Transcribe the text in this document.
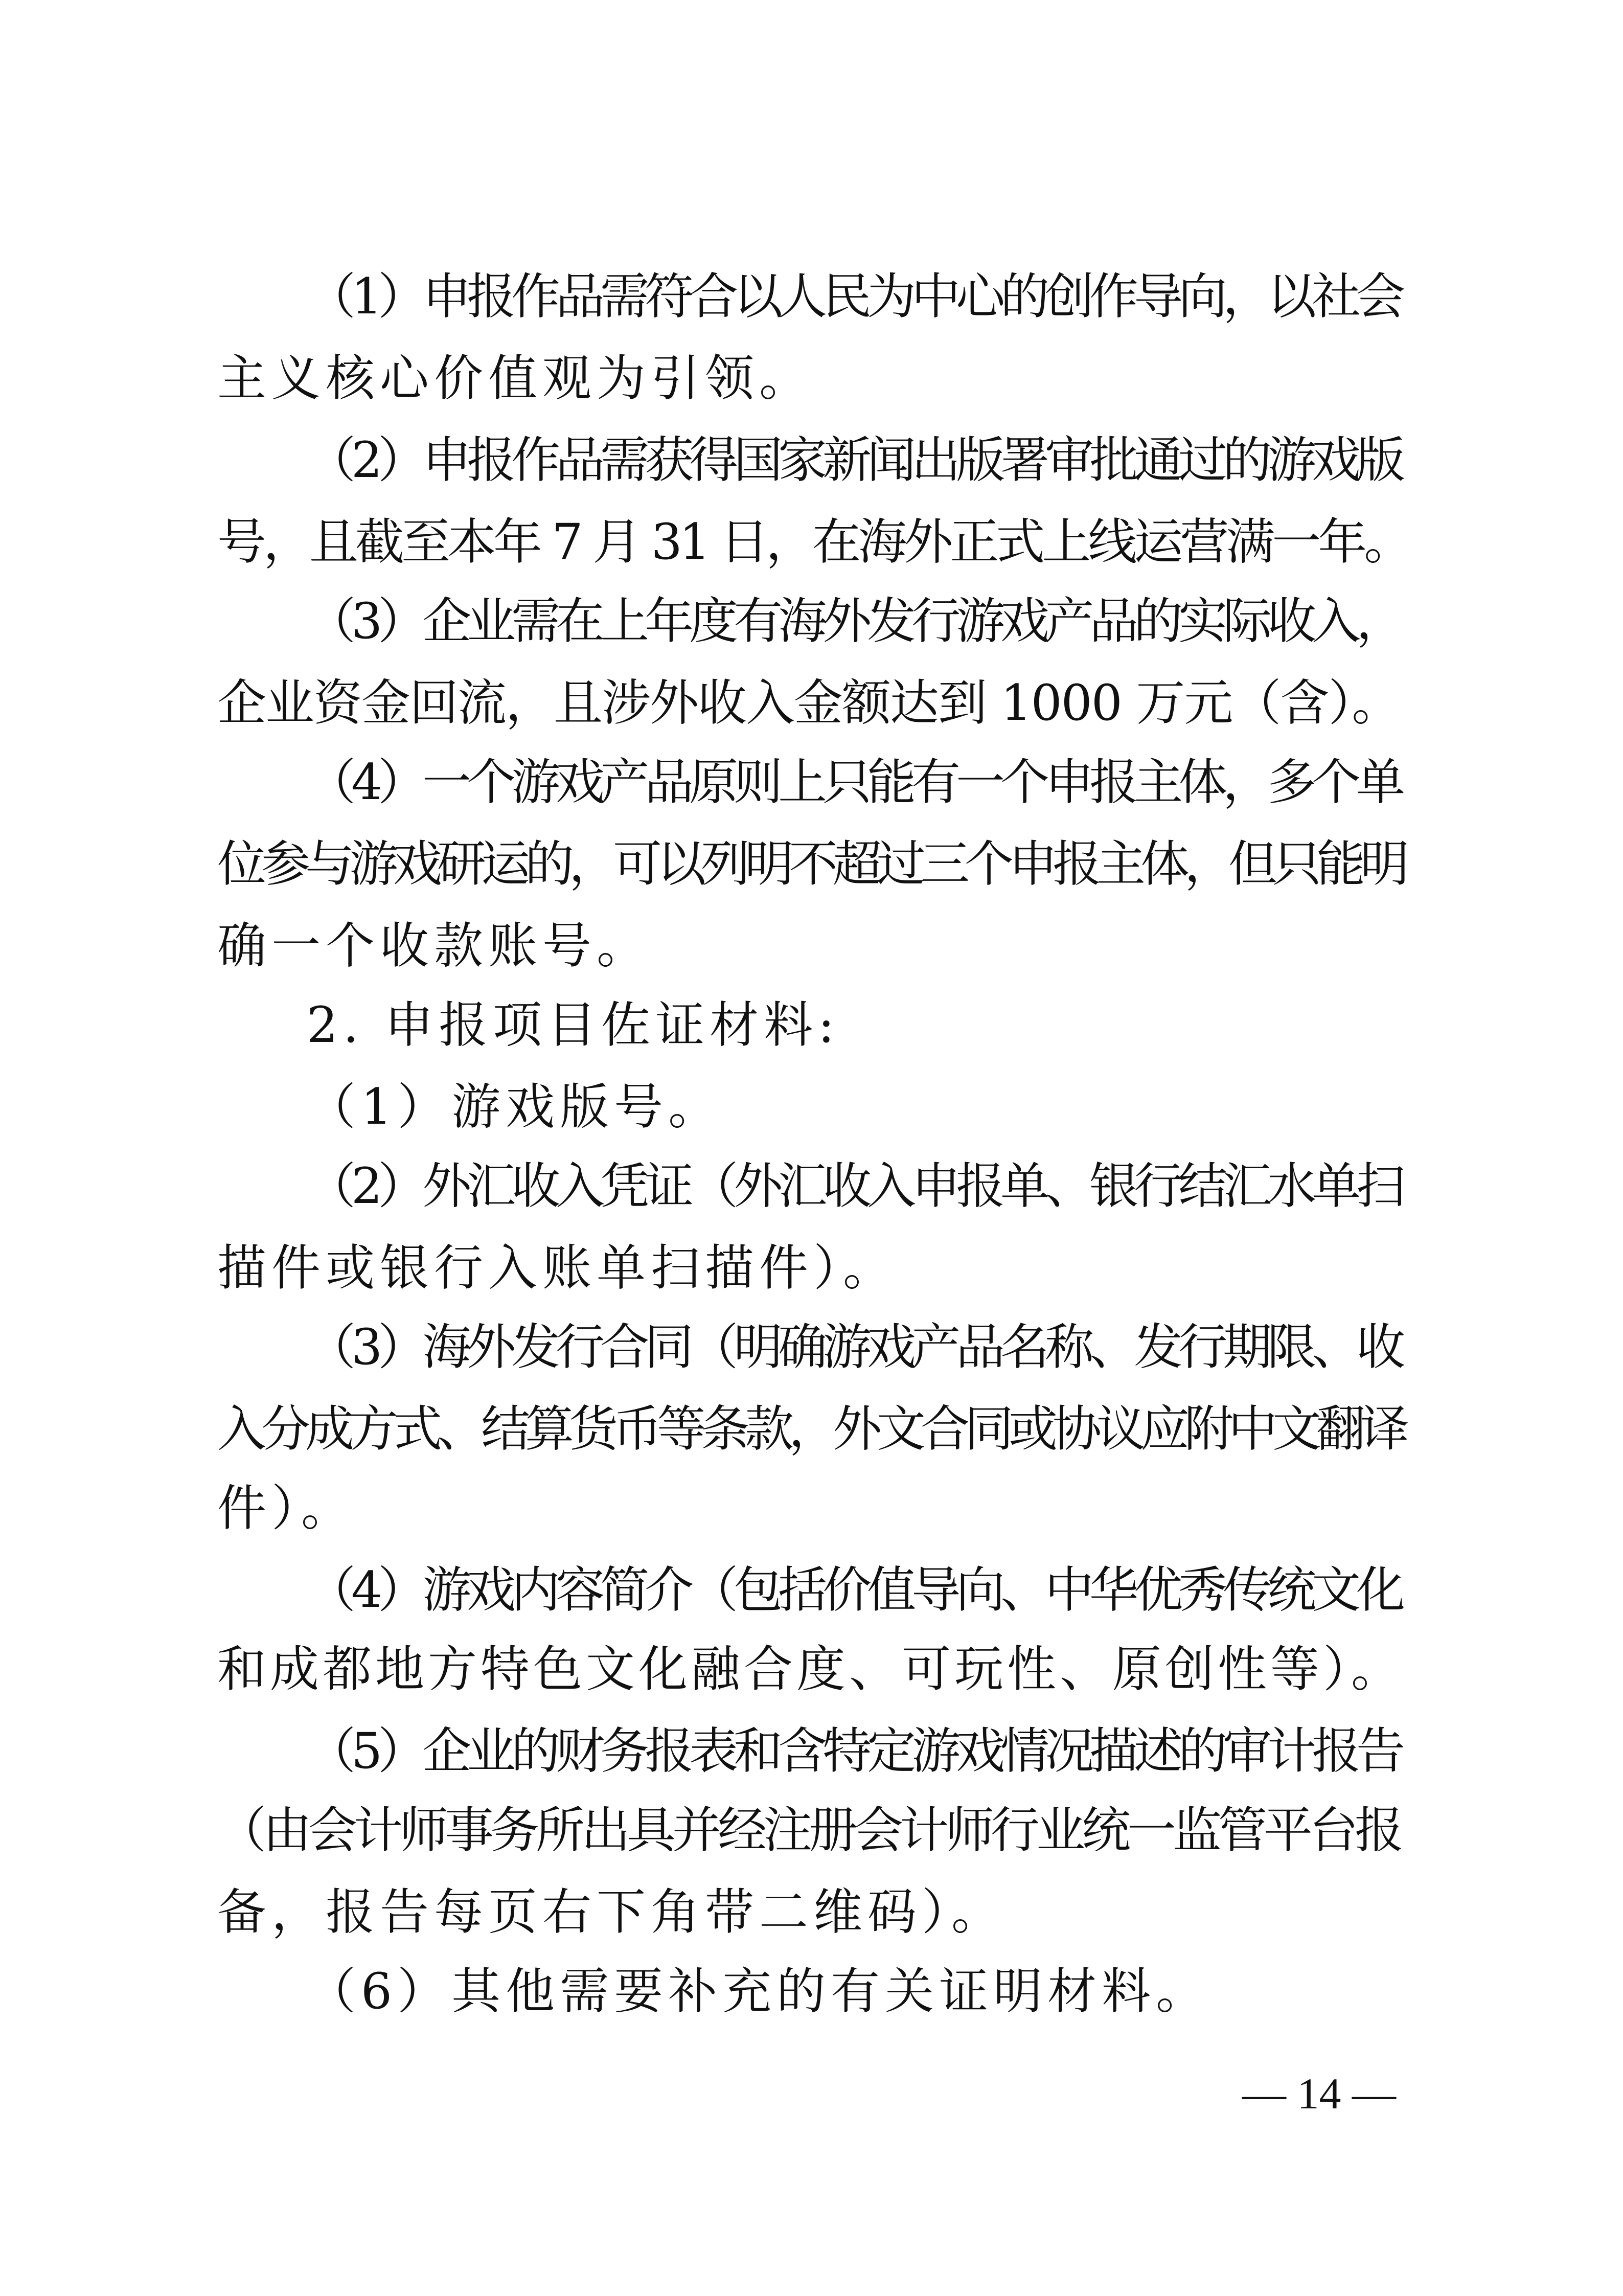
（1）申报作品需符合以人民为中心的创作导向，以社会
主义核心价值观为引领。
（2）申报作品需获得国家新闻出版署审批通过的游戏版
号，且截至本年 7 月 31 日，在海外正式上线运营满一年。
（3）企业需在上年度有海外发行游戏产品的实际收入，
企业资金回流，且涉外收入金额达到 1000 万元（含）。
（4）一个游戏产品原则上只能有一个申报主体，多个单
位参与游戏研运的，可以列明不超过三个申报主体，但只能明
确一个收款账号。
2. 申报项目佐证材料:
（1）游戏版号。
（2）外汇收入凭证（外汇收入申报单、银行结汇水单扫
描件或银行入账单扫描件）。
（3）海外发行合同（明确游戏产品名称、发行期限、收
入分成方式、结算货币等条款，外文合同或协议应附中文翻译
件）。
（4）游戏内容简介（包括价值导向、中华优秀传统文化
和成都地方特色文化融合度、可玩性、原创性等）。
（5）企业的财务报表和含特定游戏情况描述的审计报告
（由会计师事务所出具并经注册会计师行业统一监管平台报
备，报告每页右下角带二维码）。
（6）其他需要补充的有关证明材料。
— 14 —
